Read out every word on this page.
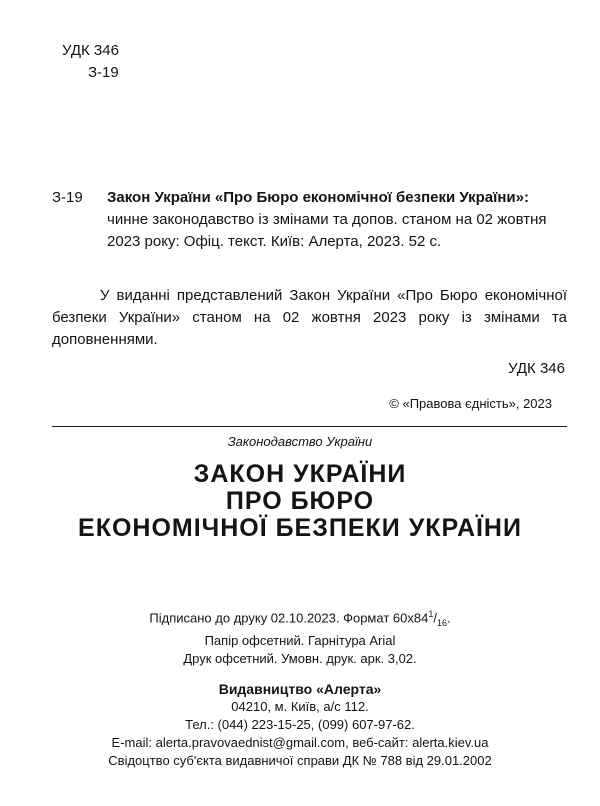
УДК 346
З-19
З-19 Закон України «Про Бюро економічної безпеки України»:
чинне законодавство із змінами та допов. станом на 02 жовтня
2023 року: Офіц. текст. Київ: Алерта, 2023. 52 с.
У виданні представлений Закон України «Про Бюро економічної безпеки України» станом на 02 жовтня 2023 року із змінами та доповненнями.
УДК 346
© «Правова єдність», 2023
Законодавство України
ЗАКОН УКРАЇНИ
ПРО БЮРО
ЕКОНОМІЧНОЇ БЕЗПЕКИ УКРАЇНИ
Підписано до друку 02.10.2023. Формат $60х84^1/_{16}$.
Папір офсетний. Гарнітура Arial
Друк офсетний. Умовн. друк. арк. 3,02.
Видавництво «Алерта»
04210, м. Київ, а/с 112.
Тел.: (044) 223-15-25, (099) 607-97-62.
E-mail: alerta.pravovaednist@gmail.com, веб-сайт: alerta.kiev.ua
Свідоцтво суб'єкта видавничої справи ДК № 788 від 29.01.2002
